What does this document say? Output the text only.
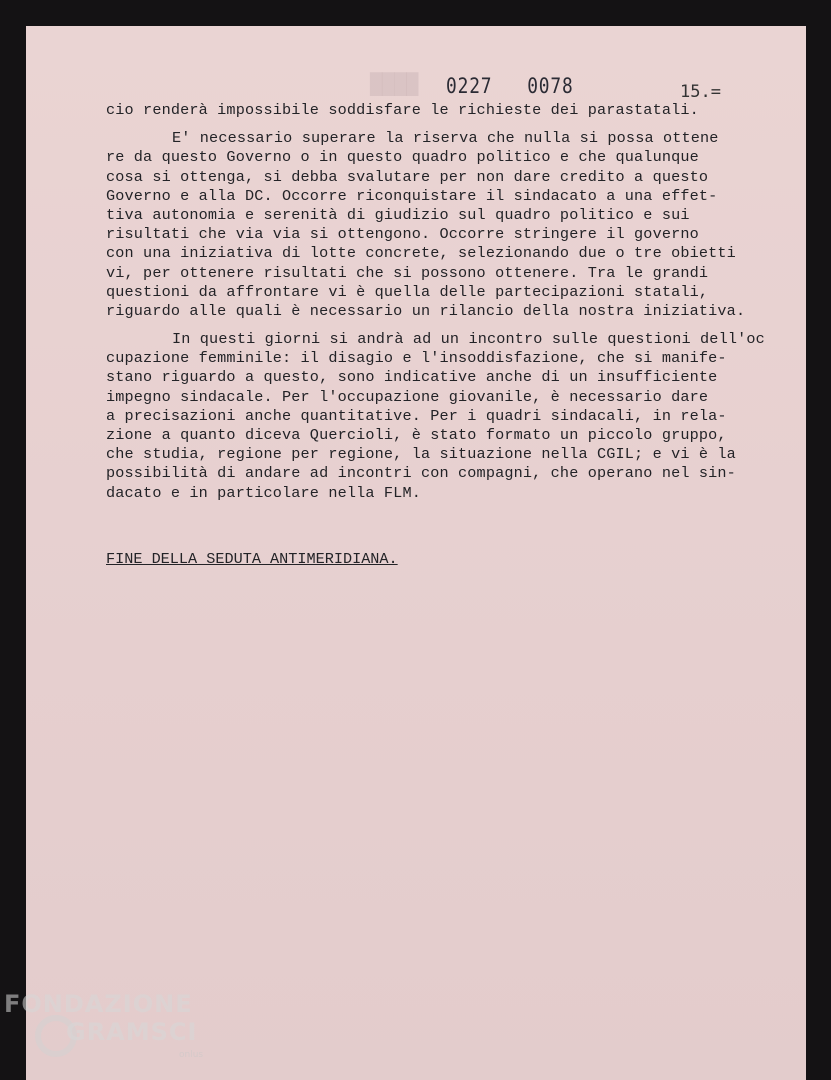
████ 0227 0078	15.=
cio renderà impossibile soddisfare le richieste dei parastatali.
E' necessario superare la riserva che nulla si possa ottene
re da questo Governo o in questo quadro politico e che qualunque
cosa si ottenga, si debba svalutare per non dare credito a questo
Governo e alla DC. Occorre riconquistare il sindacato a una effet-
tiva autonomia e serenità di giudizio sul quadro politico e sui
risultati che via via si ottengono. Occorre stringere il governo
con una iniziativa di lotte concrete, selezionando due o tre obietti
vi, per ottenere risultati che si possono ottenere. Tra le grandi
questioni da affrontare vi è quella delle partecipazioni statali,
riguardo alle quali è necessario un rilancio della nostra iniziativa.
In questi giorni si andrà ad un incontro sulle questioni dell'oc
cupazione femminile: il disagio e l'insoddisfazione, che si manife-
stano riguardo a questo, sono indicative anche di un insufficiente
impegno sindacale. Per l'occupazione giovanile, è necessario dare
a precisazioni anche quantitative. Per i quadri sindacali, in rela-
zione a quanto diceva Quercioli, è stato formato un piccolo gruppo,
che studia, regione per regione, la situazione nella CGIL; e vi è la
possibilità di andare ad incontri con compagni, che operano nel sin-
dacato e in particolare nella FLM.
FINE DELLA SEDUTA ANTIMERIDIANA.
FONDAZIONE
GRAMSCI
onlus
